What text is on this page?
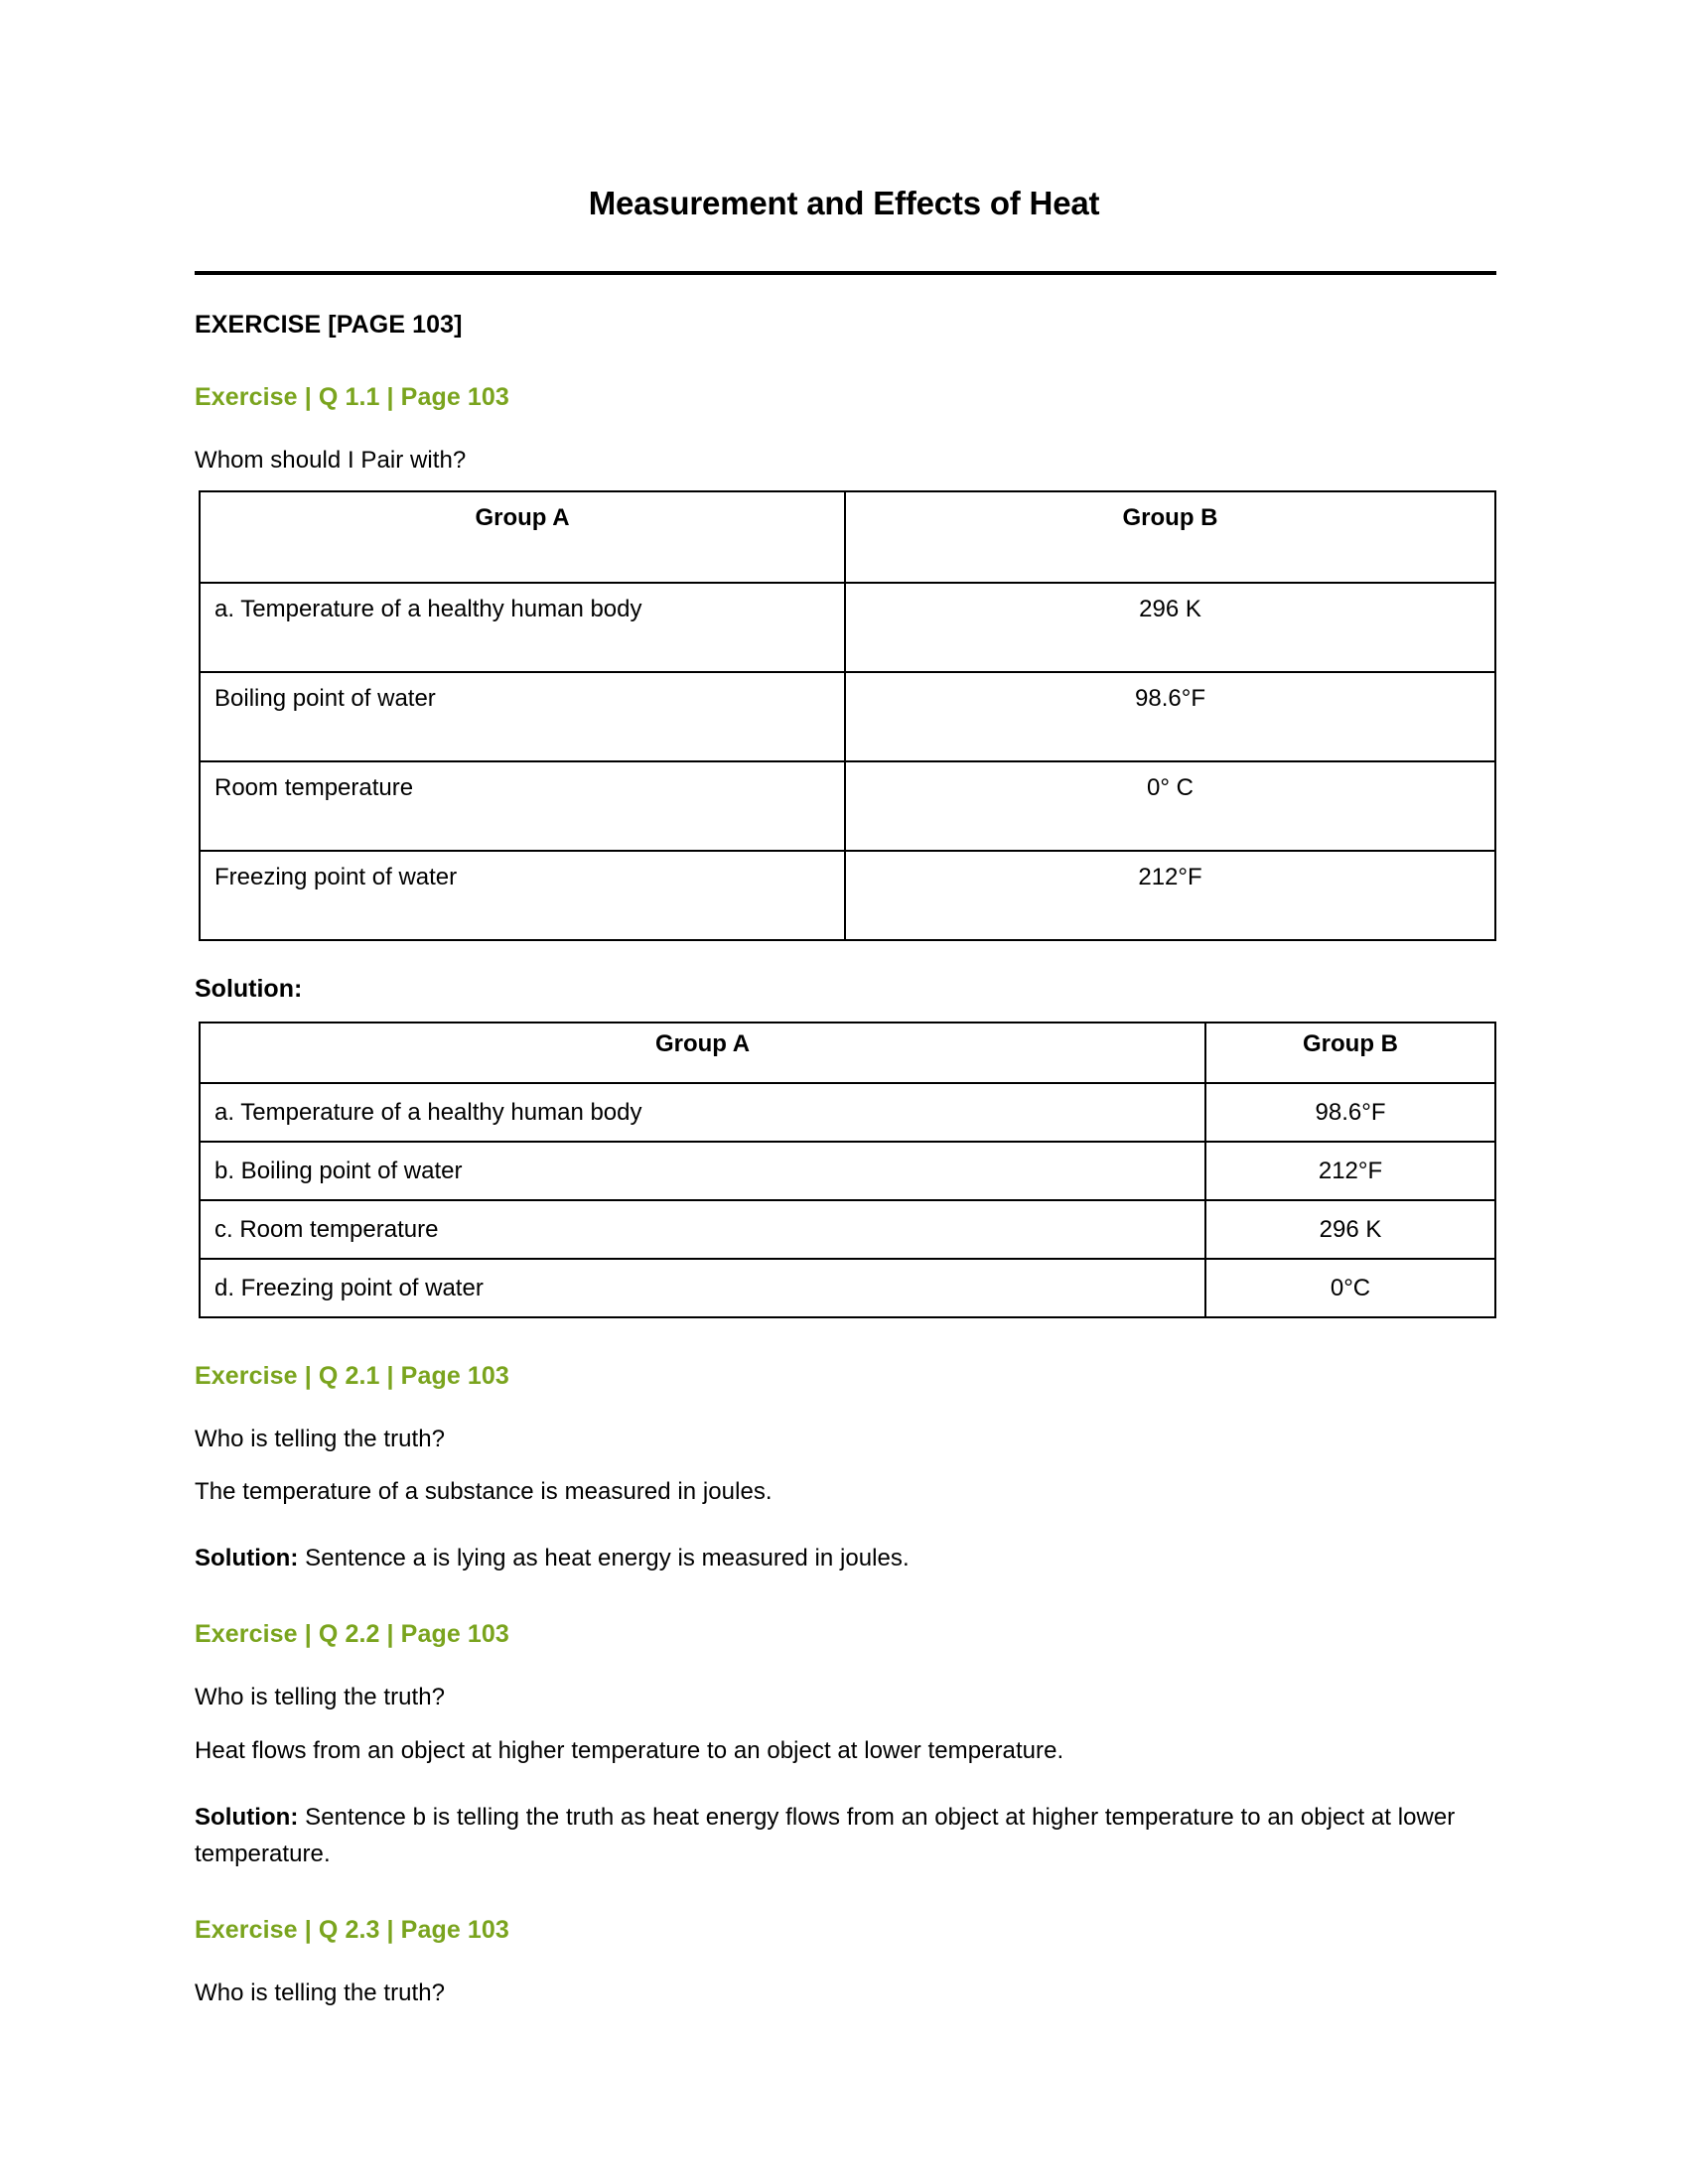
Measurement and Effects of Heat
EXERCISE [PAGE 103]
Exercise | Q 1.1 | Page 103
Whom should I Pair with?
Group A	Group B
a. Temperature of a healthy human body	296 K
Boiling point of water	98.6°F
Room temperature	0° C
Freezing point of water	212°F
Solution:
Group A	Group B
a. Temperature of a healthy human body	98.6°F
b. Boiling point of water	212°F
c. Room temperature	296 K
d. Freezing point of water	0°C
Exercise | Q 2.1 | Page 103
Who is telling the truth?
The temperature of a substance is measured in joules.
Solution: Sentence a is lying as heat energy is measured in joules.
Exercise | Q 2.2 | Page 103
Who is telling the truth?
Heat flows from an object at higher temperature to an object at lower temperature.
Solution: Sentence b is telling the truth as heat energy flows from an object at higher temperature to an object at lower temperature.
Exercise | Q 2.3 | Page 103
Who is telling the truth?
